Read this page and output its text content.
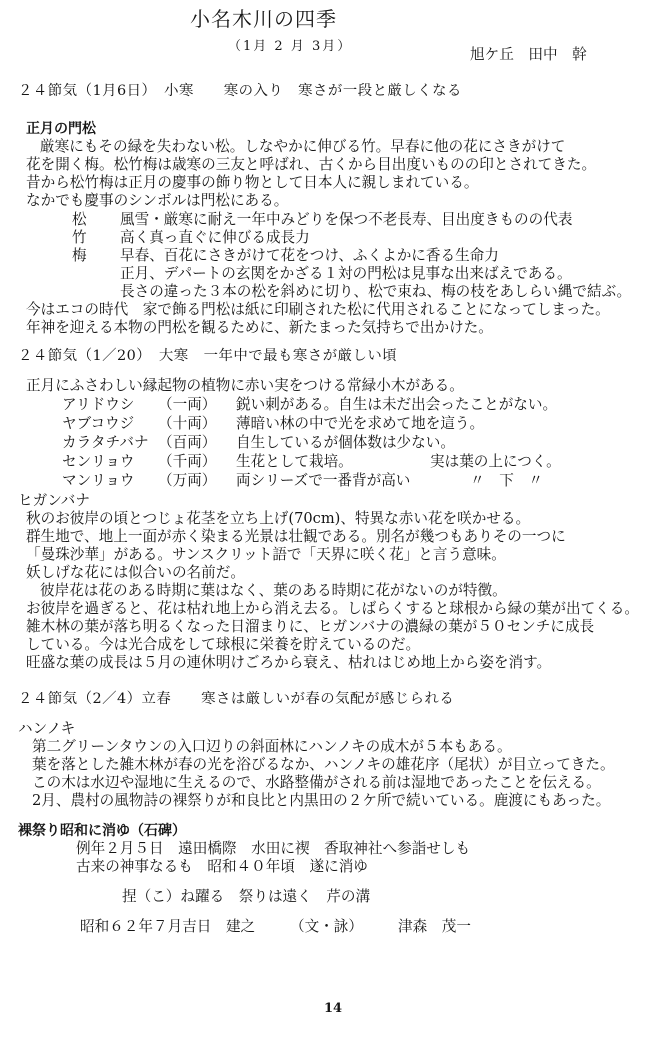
小名木川の四季
（1月 2 月 3月）	旭ケ丘　田中　幹
２４節気（1月6日）　小寒　　寒の入り　寒さが一段と厳しくなる
正月の門松
厳寒にもその緑を失わない松。しなやかに伸びる竹。早春に他の花にさきがけて
花を開く梅。松竹梅は歳寒の三友と呼ばれ、古くから目出度いものの印とされてきた。
昔から松竹梅は正月の慶事の飾り物として日本人に親しまれている。
なかでも慶事のシンボルは門松にある。
松 風雪・厳寒に耐え一年中みどりを保つ不老長寿、目出度きものの代表
竹 高く真っ直ぐに伸びる成長力
梅 早春、百花にさきがけて花をつけ、ふくよかに香る生命力
正月、デパートの玄関をかざる１対の門松は見事な出来ばえである。
長さの違った３本の松を斜めに切り、松で束ね、梅の枝をあしらい縄で結ぶ。
今はエコの時代　家で飾る門松は紙に印刷された松に代用されることになってしまった。
年神を迎える本物の門松を観るために、新たまった気持ちで出かけた。
２４節気（1／20）　大寒　一年中で最も寒さが厳しい頃
正月にふさわしい縁起物の植物に赤い実をつける常緑小木がある。
アリドウシ （一両） 鋭い刺がある。自生は未だ出会ったことがない。
ヤブコウジ （十両） 薄暗い林の中で光を求めて地を這う。
カラタチバナ （百両） 自生しているが個体数は少ない。
センリョウ （千両） 生花として栽培。	実は葉の上につく。
マンリョウ （万両） 両シリーズで一番背が高い	〃　下　〃
ヒガンバナ
秋のお彼岸の頃とつじょ花茎を立ち上げ(70cm)、特異な赤い花を咲かせる。
群生地で、地上一面が赤く染まる光景は壮観である。別名が幾つもありその一つに
「曼珠沙華」がある。サンスクリット語で「天界に咲く花」と言う意味。
妖しげな花には似合いの名前だ。
彼岸花は花のある時期に葉はなく、葉のある時期に花がないのが特徴。
お彼岸を過ぎると、花は枯れ地上から消え去る。しばらくすると球根から緑の葉が出てくる。
雑木林の葉が落ち明るくなった日溜まりに、ヒガンバナの濃緑の葉が５０センチに成長
している。今は光合成をして球根に栄養を貯えているのだ。
旺盛な葉の成長は５月の連休明けごろから衰え、枯れはじめ地上から姿を消す。
２４節気（2／4）立春　　寒さは厳しいが春の気配が感じられる
ハンノキ
第二グリーンタウンの入口辺りの斜面林にハンノキの成木が５本もある。
葉を落とした雑木林が春の光を浴びるなか、ハンノキの雄花序（尾状）が目立ってきた。
この木は水辺や湿地に生えるので、水路整備がされる前は湿地であったことを伝える。
2月、農村の風物詩の裸祭りが和良比と内黒田の２ケ所で続いている。鹿渡にもあった。
裸祭り昭和に消ゆ（石碑）
例年２月５日　遠田橋際　水田に禊　香取神社へ参詣せしも
古来の神事なるも　昭和４０年頃　遂に消ゆ
捏（こ）ね躍る　祭りは遠く　芹の溝
昭和６２年７月吉日　建之 （文・詠） 津森　茂一
14
